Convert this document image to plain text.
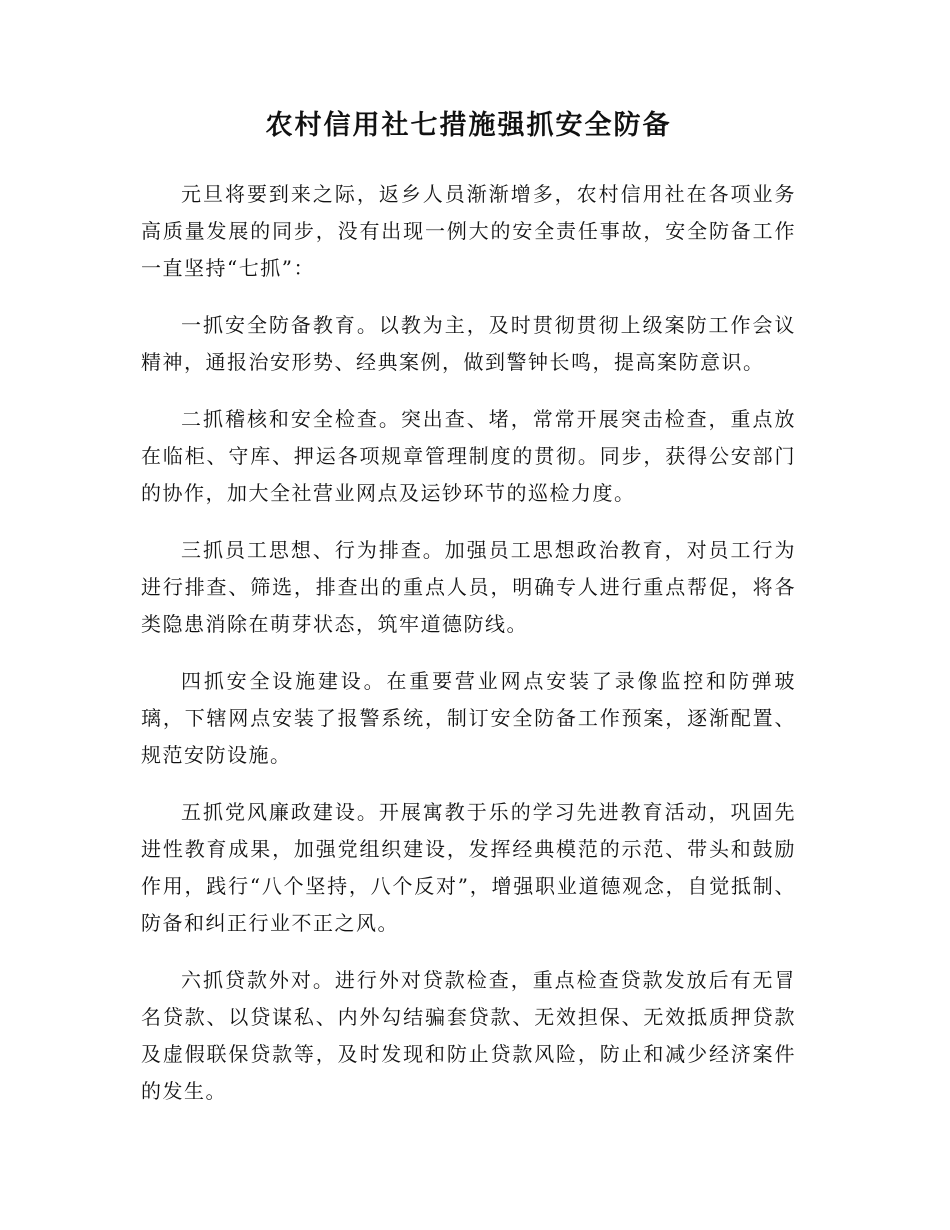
农村信用社七措施强抓安全防备

元旦将要到来之际，返乡人员渐渐增多，农村信用社在各项业务高质量发展的同步，没有出现一例大的安全责任事故，安全防备工作一直坚持“七抓”：

一抓安全防备教育。以教为主，及时贯彻贯彻上级案防工作会议精神，通报治安形势、经典案例，做到警钟长鸣，提高案防意识。

二抓稽核和安全检查。突出查、堵，常常开展突击检查，重点放在临柜、守库、押运各项规章管理制度的贯彻。同步，获得公安部门的协作，加大全社营业网点及运钞环节的巡检力度。

三抓员工思想、行为排查。加强员工思想政治教育，对员工行为进行排查、筛选，排查出的重点人员，明确专人进行重点帮促，将各类隐患消除在萌芽状态，筑牢道德防线。

四抓安全设施建设。在重要营业网点安装了录像监控和防弹玻璃，下辖网点安装了报警系统，制订安全防备工作预案，逐渐配置、规范安防设施。

五抓党风廉政建设。开展寓教于乐的学习先进教育活动，巩固先进性教育成果，加强党组织建设，发挥经典模范的示范、带头和鼓励作用，践行“八个坚持，八个反对”，增强职业道德观念，自觉抵制、防备和纠正行业不正之风。

六抓贷款外对。进行外对贷款检查，重点检查贷款发放后有无冒名贷款、以贷谋私、内外勾结骗套贷款、无效担保、无效抵质押贷款及虚假联保贷款等，及时发现和防止贷款风险，防止和减少经济案件的发生。
